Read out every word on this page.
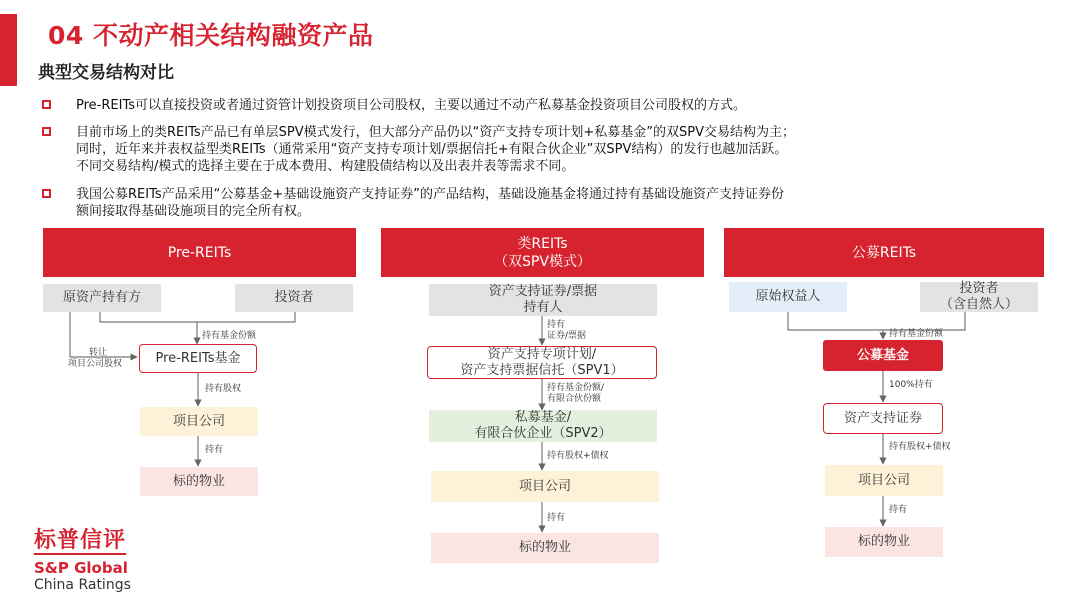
04 不动产相关结构融资产品
典型交易结构对比
Pre-REITs可以直接投资或者通过资管计划投资项目公司股权，主要以通过不动产私募基金投资项目公司股权的方式。
目前市场上的类REITs产品已有单层SPV模式发行，但大部分产品仍以“资产支持专项计划+私募基金”的双SPV交易结构为主；
同时，近年来并表权益型类REITs（通常采用“资产支持专项计划/票据信托+有限合伙企业”双SPV结构）的发行也越加活跃。
不同交易结构/模式的选择主要在于成本费用、构建股债结构以及出表并表等需求不同。
我国公募REITs产品采用“公募基金+基础设施资产支持证券”的产品结构，基础设施基金将通过持有基础设施资产支持证券份
额间接取得基础设施项目的完全所有权。
Pre-REITs
原资产持有方	投资者
持有基金份额
转让
项目公司股权	Pre-REITs基金
持有股权
项目公司
持有
标的物业
类REITs
（双SPV模式）
资产支持证券/票据
持有人
持有
证券/票据
资产支持专项计划/
资产支持票据信托（SPV1）
持有基金份额/
有限合伙份额
私募基金/
有限合伙企业（SPV2）
持有股权+债权
项目公司
持有
标的物业
公募REITs
原始权益人
投资者
（含自然人）
持有基金份额
公募基金
100%持有
资产支持证券
持有股权+债权
项目公司
持有
标的物业
标普信评
S&P Global
China Ratings
